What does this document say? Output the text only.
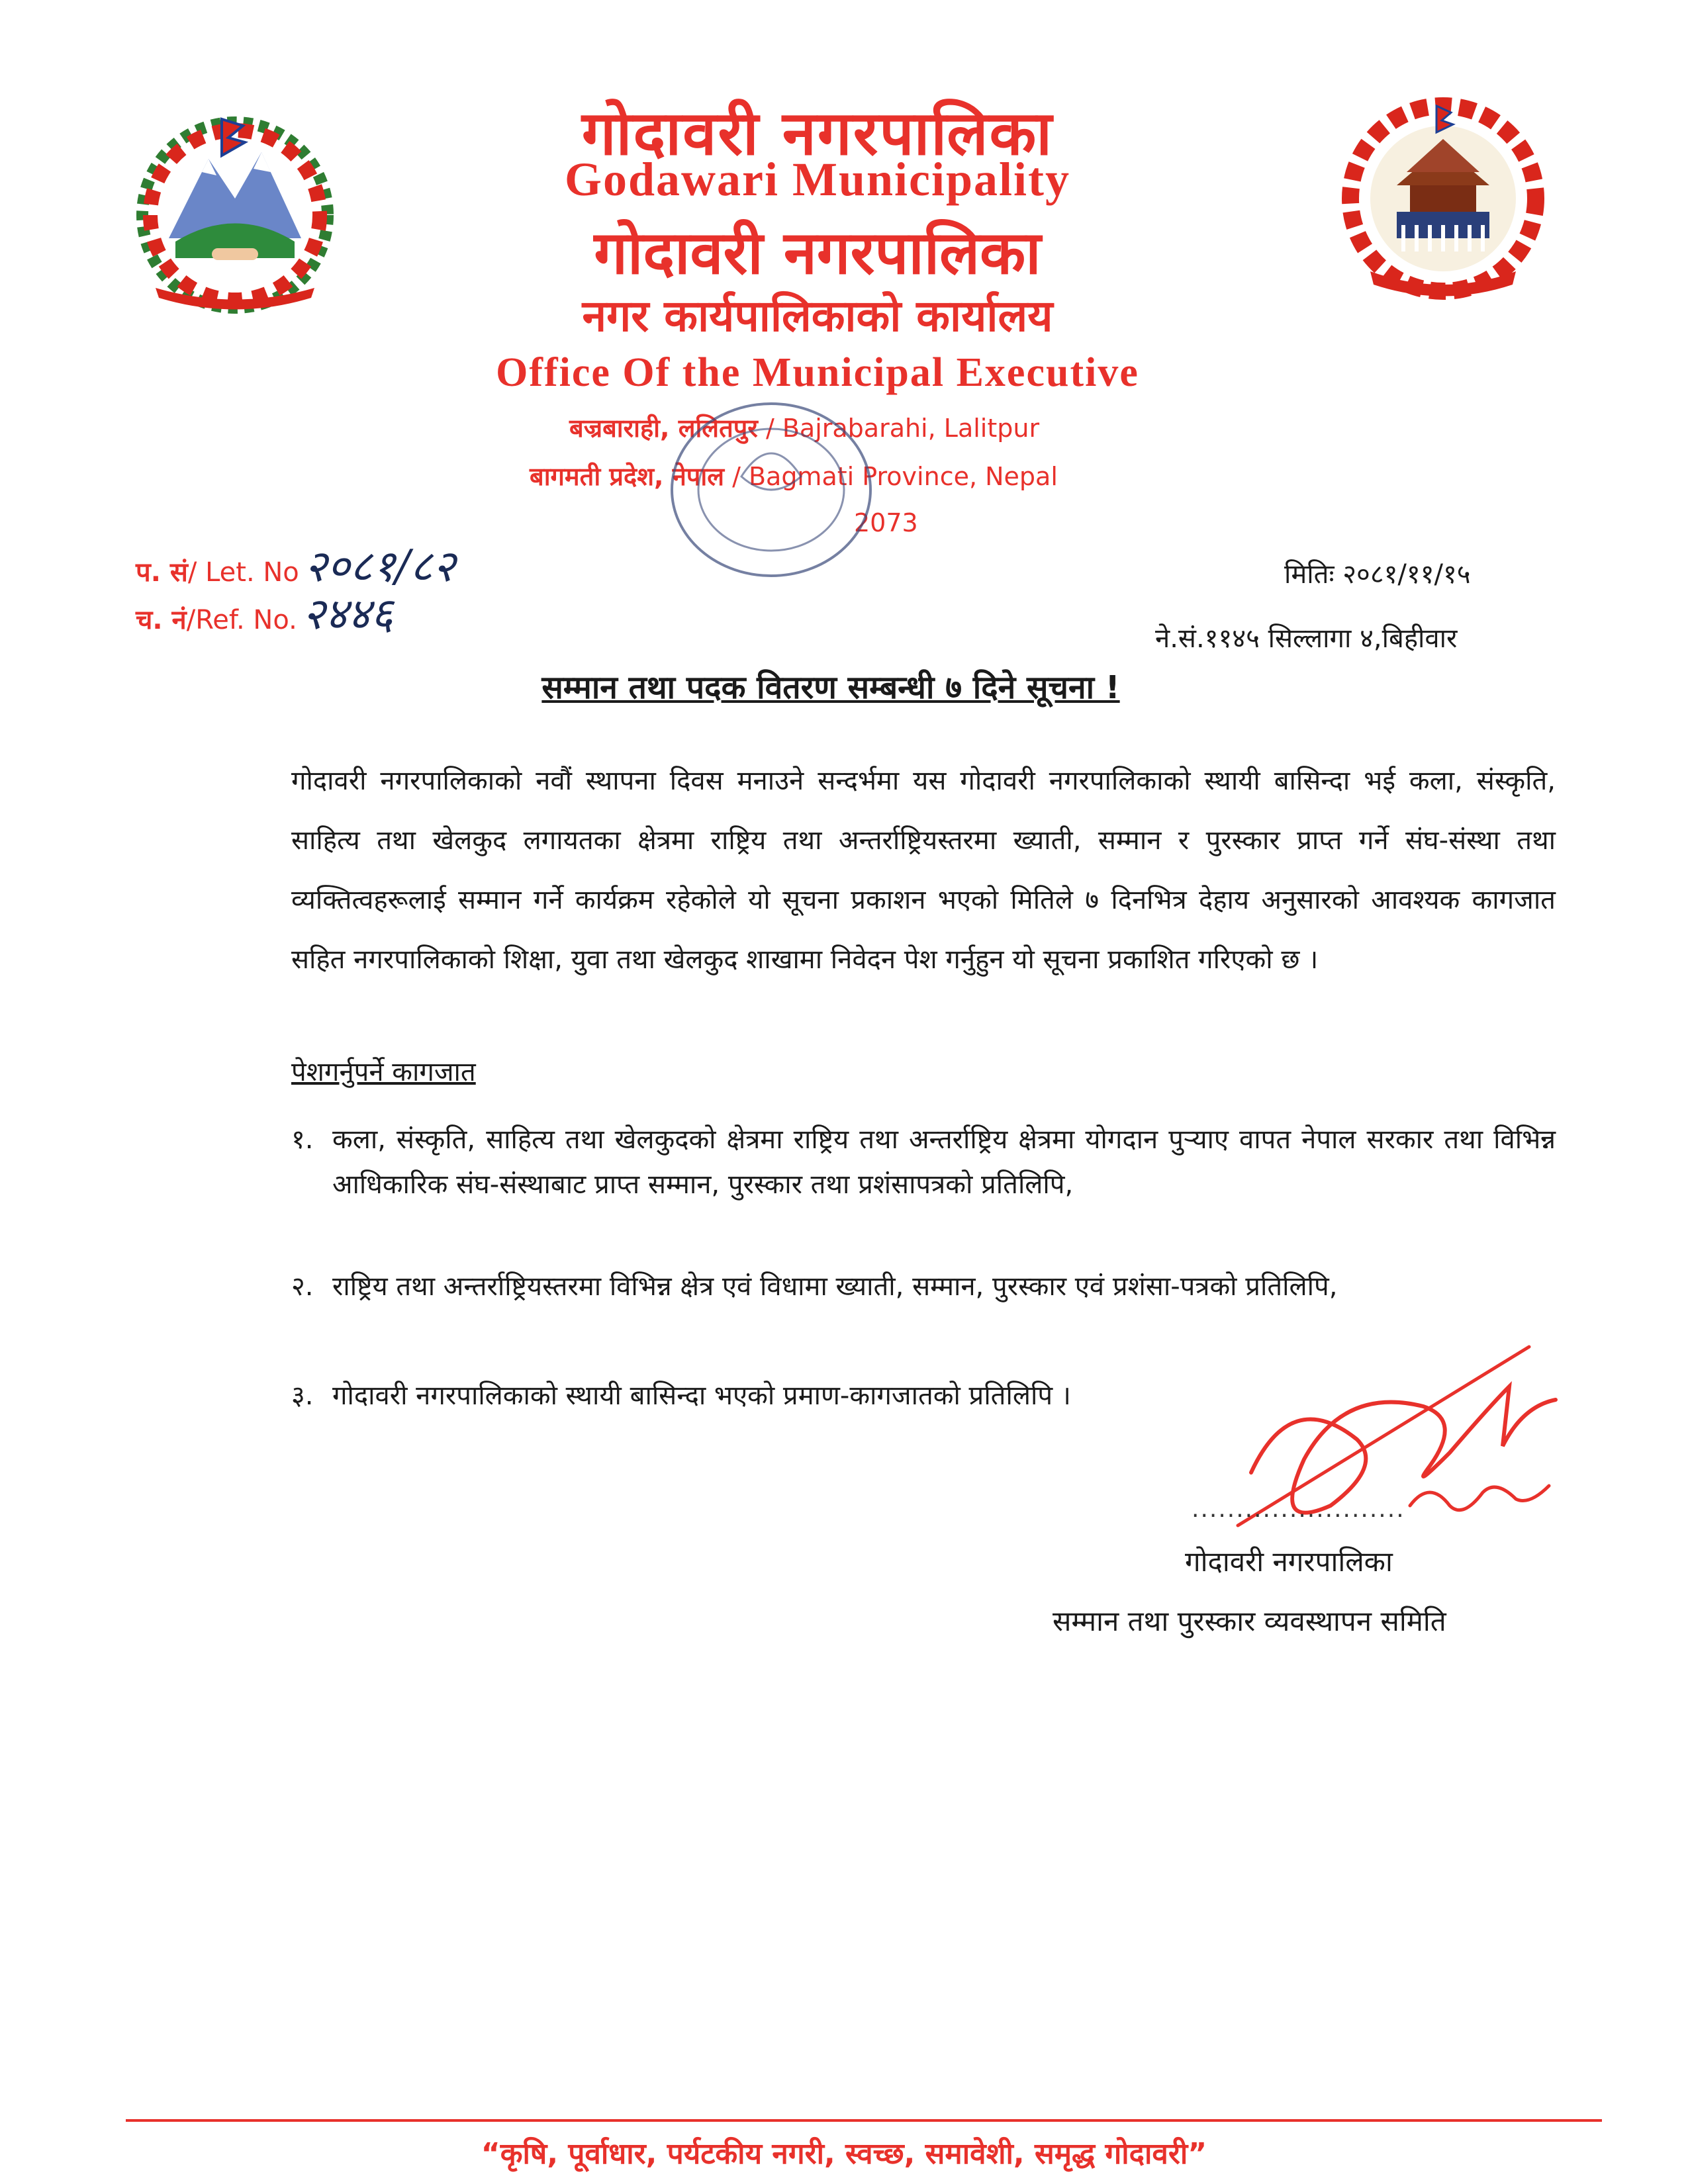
गोदावरी नगरपालिका
Godawari Municipality
गोदावरी नगरपालिका
नगर कार्यपालिकाको कार्यालय
Office Of the Municipal Executive
बज्रबाराही, ललितपुर / Bajrabarahi, Lalitpur
बागमती प्रदेश, नेपाल / Bagmati Province, Nepal
2073
प. सं/ Let. No २०८१/८२
च. नं/Ref. No. २४४६
मितिः २०८१/११/१५
ने.सं.११४५ सिल्लागा ४,बिहीवार
सम्मान तथा पदक वितरण सम्बन्धी ७ दिने सूचना !
गोदावरी नगरपालिकाको नवौं स्थापना दिवस मनाउने सन्दर्भमा यस गोदावरी नगरपालिकाको स्थायी बासिन्दा भई कला, संस्कृति, साहित्य तथा खेलकुद लगायतका क्षेत्रमा राष्ट्रिय तथा अन्तर्राष्ट्रियस्तरमा ख्याती, सम्मान र पुरस्कार प्राप्त गर्ने संघ-संस्था तथा व्यक्तित्वहरूलाई सम्मान गर्ने कार्यक्रम रहेकोले यो सूचना प्रकाशन भएको मितिले ७ दिनभित्र देहाय अनुसारको आवश्यक कागजात सहित नगरपालिकाको शिक्षा, युवा तथा खेलकुद शाखामा निवेदन पेश गर्नुहुन यो सूचना प्रकाशित गरिएको छ ।
पेशगर्नुपर्ने कागजात
१. कला, संस्कृति, साहित्य तथा खेलकुदको क्षेत्रमा राष्ट्रिय तथा अन्तर्राष्ट्रिय क्षेत्रमा योगदान पुर्‍याए वापत नेपाल सरकार तथा विभिन्न आधिकारिक संघ-संस्थाबाट प्राप्त सम्मान, पुरस्कार तथा प्रशंसापत्रको प्रतिलिपि,
२. राष्ट्रिय तथा अन्तर्राष्ट्रियस्तरमा विभिन्न क्षेत्र एवं विधामा ख्याती, सम्मान, पुरस्कार एवं प्रशंसा-पत्रको प्रतिलिपि,
३. गोदावरी नगरपालिकाको स्थायी बासिन्दा भएको प्रमाण-कागजातको प्रतिलिपि ।
........................
गोदावरी नगरपालिका
सम्मान तथा पुरस्कार व्यवस्थापन समिति
“कृषि, पूर्वाधार, पर्यटकीय नगरी, स्वच्छ, समावेशी, समृद्ध गोदावरी”
